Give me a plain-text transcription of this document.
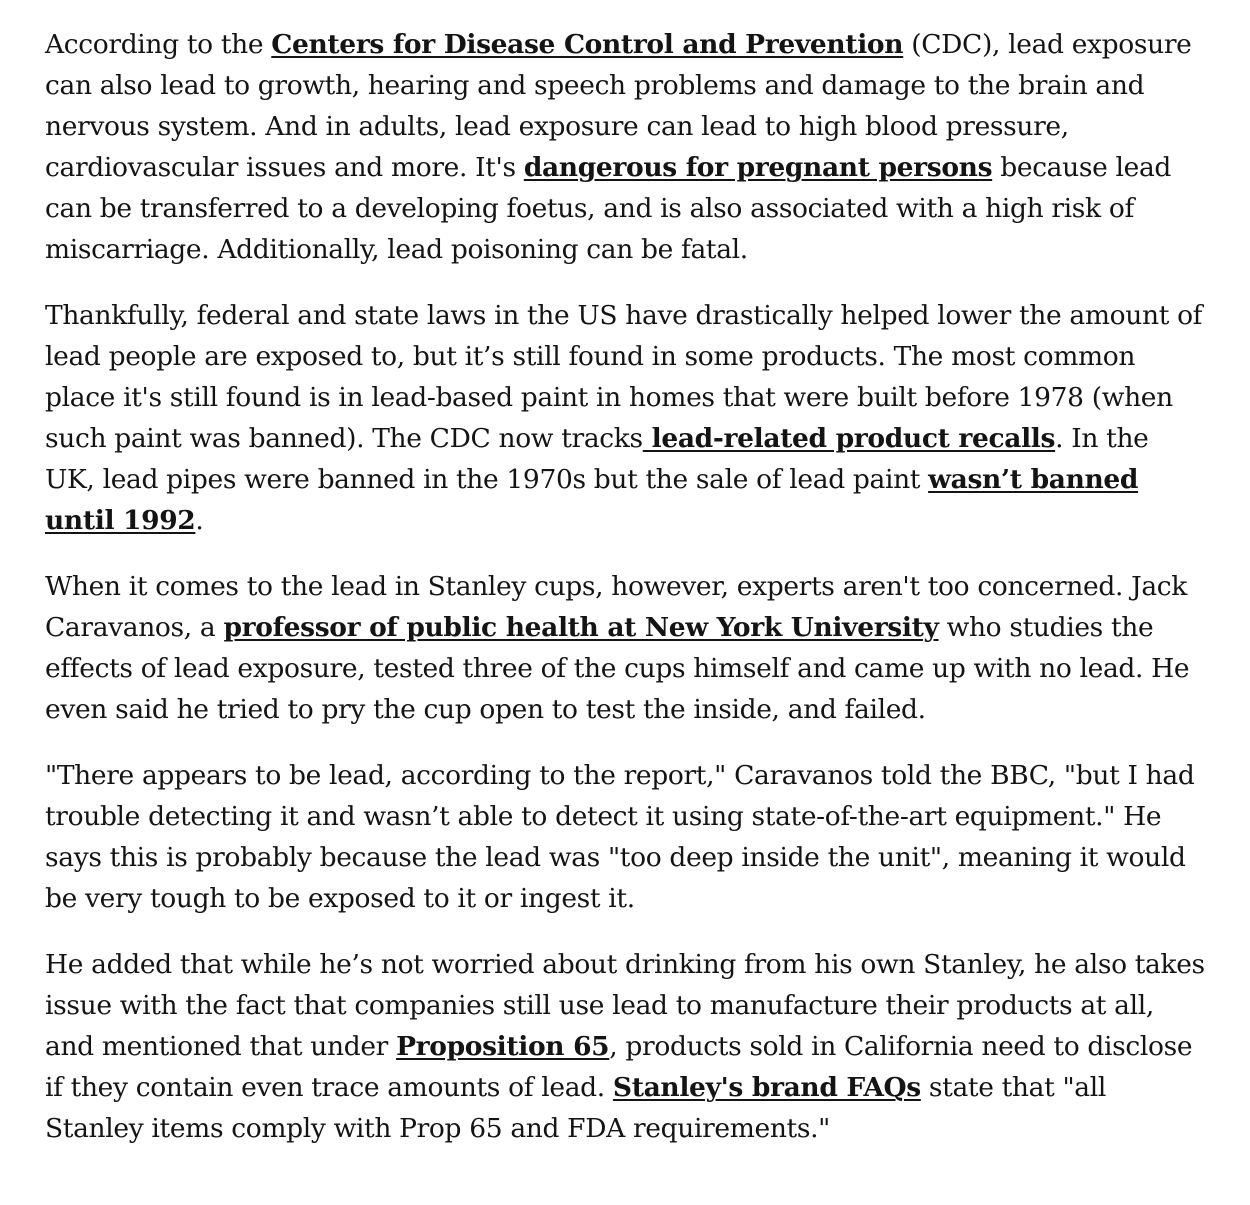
According to the Centers for Disease Control and Prevention (CDC), lead exposure can also lead to growth, hearing and speech problems and damage to the brain and nervous system. And in adults, lead exposure can lead to high blood pressure, cardiovascular issues and more. It's dangerous for pregnant persons because lead can be transferred to a developing foetus, and is also associated with a high risk of miscarriage. Additionally, lead poisoning can be fatal.

Thankfully, federal and state laws in the US have drastically helped lower the amount of lead people are exposed to, but it’s still found in some products. The most common place it's still found is in lead-based paint in homes that were built before 1978 (when such paint was banned). The CDC now tracks lead-related product recalls. In the UK, lead pipes were banned in the 1970s but the sale of lead paint wasn’t banned until 1992.

When it comes to the lead in Stanley cups, however, experts aren't too concerned. Jack Caravanos, a professor of public health at New York University who studies the effects of lead exposure, tested three of the cups himself and came up with no lead. He even said he tried to pry the cup open to test the inside, and failed.

"There appears to be lead, according to the report," Caravanos told the BBC, "but I had trouble detecting it and wasn’t able to detect it using state-of-the-art equipment." He says this is probably because the lead was "too deep inside the unit", meaning it would be very tough to be exposed to it or ingest it.

He added that while he’s not worried about drinking from his own Stanley, he also takes issue with the fact that companies still use lead to manufacture their products at all, and mentioned that under Proposition 65, products sold in California need to disclose if they contain even trace amounts of lead. Stanley's brand FAQs state that "all Stanley items comply with Prop 65 and FDA requirements."
